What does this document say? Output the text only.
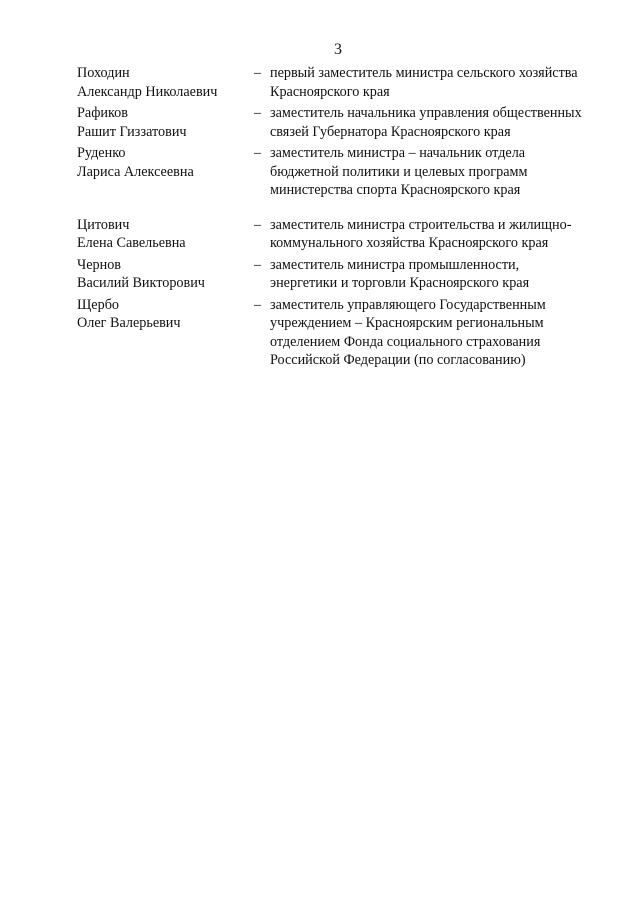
3
Походин
Александр Николаевич
– первый заместитель министра сельского хозяйства
Красноярского края
Рафиков
Рашит Гиззатович
– заместитель начальника управления общественных
связей Губернатора Красноярского края
Руденко
Лариса Алексеевна
– заместитель министра – начальник отдела
бюджетной политики и целевых программ
министерства спорта Красноярского края
Цитович
Елена Савельевна
– заместитель министра строительства и жилищно-
коммунального хозяйства Красноярского края
Чернов
Василий Викторович
– заместитель министра промышленности,
энергетики и торговли Красноярского края
Щербо
Олег Валерьевич
– заместитель управляющего Государственным
учреждением – Красноярским региональным
отделением Фонда социального страхования
Российской Федерации (по согласованию)
